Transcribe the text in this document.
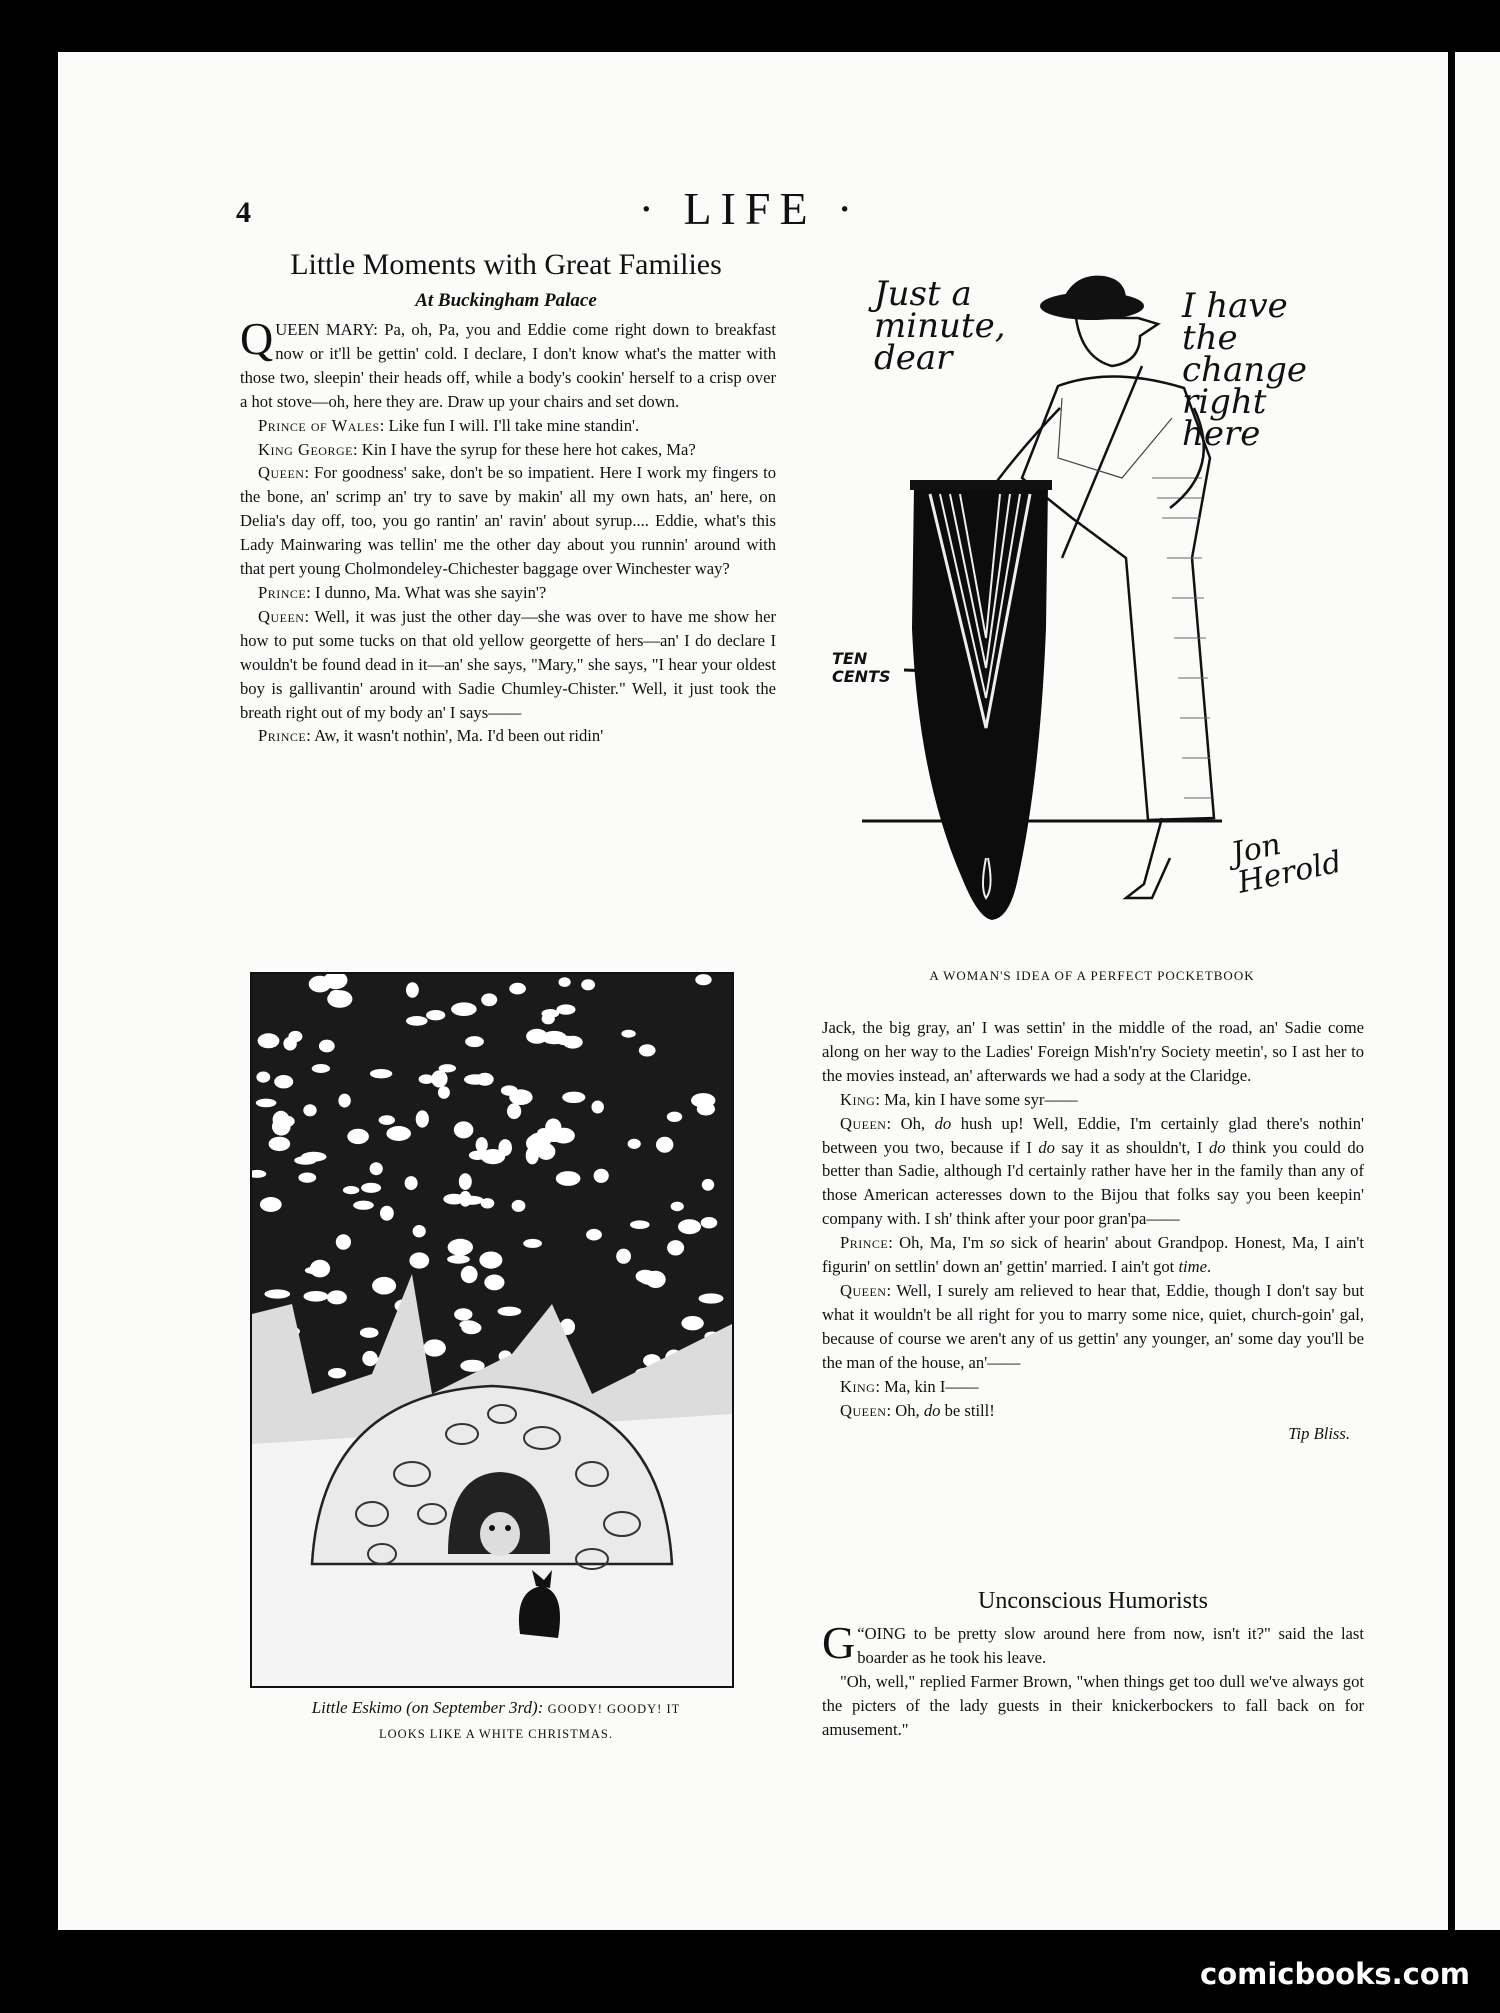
4	· LIFE ·
Little Moments with Great Families
At Buckingham Palace

QUEEN MARY: Pa, oh, Pa, you and Eddie come right down to breakfast now or it'll be gettin' cold. I declare, I don't know what's the matter with those two, sleepin' their heads off, while a body's cookin' herself to a crisp over a hot stove—oh, here they are. Draw up your chairs and set down.

Prince of Wales: Like fun I will. I'll take mine standin'.

King George: Kin I have the syrup for these here hot cakes, Ma?

Queen: For goodness' sake, don't be so impatient. Here I work my fingers to the bone, an' scrimp an' try to save by makin' all my own hats, an' here, on Delia's day off, too, you go rantin' an' ravin' about syrup.... Eddie, what's this Lady Mainwaring was tellin' me the other day about you runnin' around with that pert young Cholmondeley-Chichester baggage over Winchester way?

Prince: I dunno, Ma. What was she sayin'?

Queen: Well, it was just the other day—she was over to have me show her how to put some tucks on that old yellow georgette of hers—an' I do declare I wouldn't be found dead in it—an' she says, "Mary," she says, "I hear your oldest boy is gallivantin' around with Sadie Chumley-Chister." Well, it just took the breath right out of my body an' I says——

Prince: Aw, it wasn't nothin', Ma. I'd been out ridin'

Just a minute, dear
I have the change right here
TEN CENTS
Jon Herold
A WOMAN'S IDEA OF A PERFECT POCKETBOOK
Little Eskimo (on September 3rd): GOODY! GOODY! IT
LOOKS LIKE A WHITE CHRISTMAS.

Jack, the big gray, an' I was settin' in the middle of the road, an' Sadie come along on her way to the Ladies' Foreign Mish'n'ry Society meetin', so I ast her to the movies instead, an' afterwards we had a sody at the Claridge.

King: Ma, kin I have some syr——

Queen: Oh, do hush up! Well, Eddie, I'm certainly glad there's nothin' between you two, because if I do say it as shouldn't, I do think you could do better than Sadie, although I'd certainly rather have her in the family than any of those American acteresses down to the Bijou that folks say you been keepin' company with. I sh' think after your poor gran'pa——

Prince: Oh, Ma, I'm so sick of hearin' about Grandpop. Honest, Ma, I ain't figurin' on settlin' down an' gettin' married. I ain't got time.

Queen: Well, I surely am relieved to hear that, Eddie, though I don't say but what it wouldn't be all right for you to marry some nice, quiet, church-goin' gal, because of course we aren't any of us gettin' any younger, an' some day you'll be the man of the house, an'——

King: Ma, kin I——

Queen: Oh, do be still!

Tip Bliss.
Unconscious Humorists

“
G OING to be pretty slow around here from now, isn't it?" said the last boarder as he took his leave.

"Oh, well," replied Farmer Brown, "when things get too dull we've always got the picters of the lady guests in their knickerbockers to fall back on for amusement."

comicbooks.com
